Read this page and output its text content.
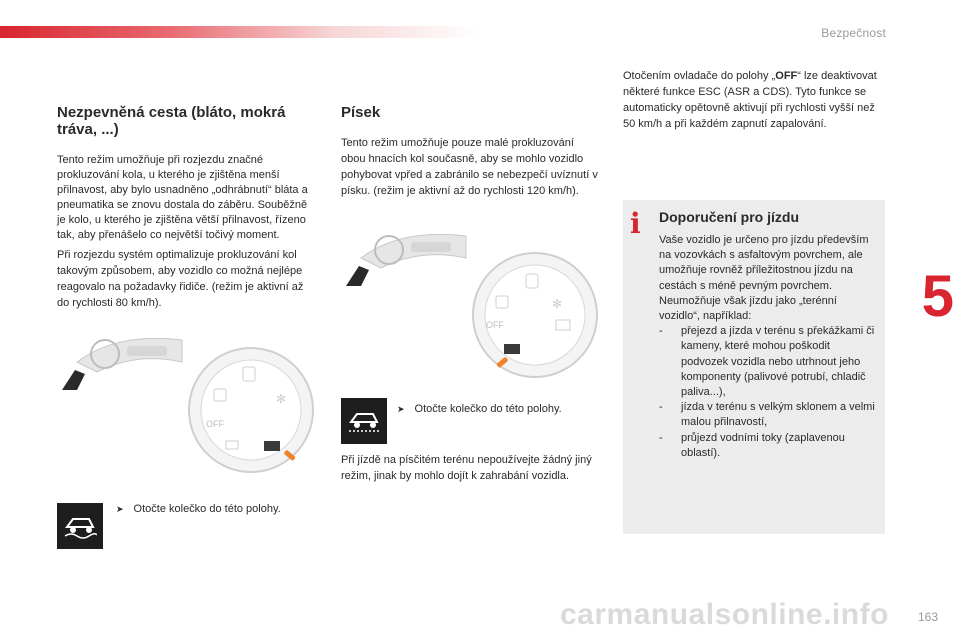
Bezpečnost
5
Nezpevněná cesta (bláto, mokrá tráva, ...)

Tento režim umožňuje při rozjezdu značné prokluzování kola, u kterého je zjištěna menší přilnavost, aby bylo usnadněno „odhrábnutí“ bláta a pneumatika se znovu dostala do záběru. Souběžně je kolo, u kterého je zjištěna větší přilnavost, řízeno tak, aby přenášelo co největší točivý moment.

Při rozjezdu systém optimalizuje prokluzování kol takovým způsobem, aby vozidlo co možná nejlépe reagovalo na požadavky řidiče. (režim je aktivní až do rychlosti 80 km/h).

OFF
✻
➤ Otočte kolečko do této polohy.
Písek

Tento režim umožňuje pouze malé prokluzování obou hnacích kol současně, aby se mohlo vozidlo pohybovat vpřed a zabránilo se nebezpečí uvíznutí v písku. (režim je aktivní až do rychlosti 120 km/h).

OFF
✻
➤ Otočte kolečko do této polohy.

Při jízdě na písčitém terénu nepoužívejte žádný jiný režim, jinak by mohlo dojít k zahrabání vozidla.

Otočením ovladače do polohy „OFF“ lze deaktivovat některé funkce ESC (ASR a CDS). Tyto funkce se automaticky opětovně aktivují při rychlosti vyšší než 50 km/h a při každém zapnutí zapalování.

i Doporučení pro jízdu
Vaše vozidlo je určeno pro jízdu především na vozovkách s asfaltovým povrchem, ale umožňuje rovněž příležitostnou jízdu na cestách s méně pevným povrchem.
Neumožňuje však jízdu jako „terénní vozidlo“, například:
- přejezd a jízda v terénu s překážkami či kameny, které mohou poškodit podvozek vozidla nebo utrhnout jeho komponenty (palivové potrubí, chladič paliva...),
- jízda v terénu s velkým sklonem a velmi malou přilnavostí,
- průjezd vodními toky (zaplavenou oblastí).
163
carmanualsonline.info
